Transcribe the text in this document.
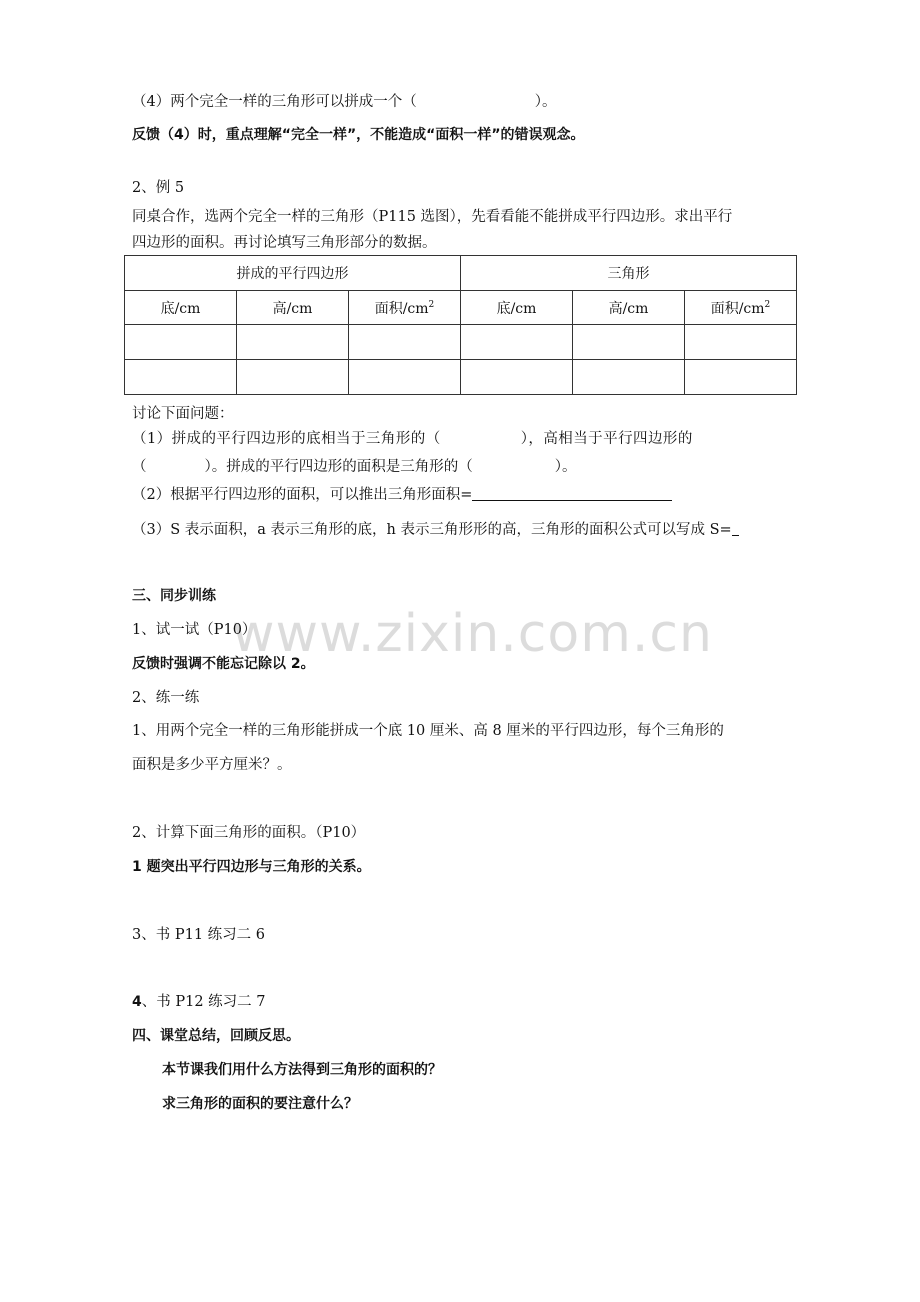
www.zixin.com.cn
（4）两个完全一样的三角形可以拼成一个（	）。
反馈（4）时，重点理解“完全一样”，不能造成“面积一样”的错误观念。
2、例 5
同桌合作，选两个完全一样的三角形（P115 选图），先看看能不能拼成平行四边形。求出平行
四边形的面积。再讨论填写三角形部分的数据。
拼成的平行四边形			三角形		
底/cm	高/cm	面积$/cm^2$	底/cm	高/cm	面积$/cm^2$

讨论下面问题：
（1）拼成的平行四边形的底相当于三角形的（	），高相当于平行四边形的
（	）。拼成的平行四边形的面积是三角形的（	）。
（2）根据平行四边形的面积，可以推出三角形面积=
（3）S 表示面积，a 表示三角形的底，h 表示三角形形的高，三角形的面积公式可以写成 S=
三、同步训练
1、试一试（P10）
反馈时强调不能忘记除以 2。
2、练一练
1、用两个完全一样的三角形能拼成一个底 10 厘米、高 8 厘米的平行四边形，每个三角形的
面积是多少平方厘米？。
2、计算下面三角形的面积。（P10）
1 题突出平行四边形与三角形的关系。
3、书 P11 练习二 6
4、书 P12 练习二 7
四、课堂总结，回顾反思。
本节课我们用什么方法得到三角形的面积的？
求三角形的面积的要注意什么？
